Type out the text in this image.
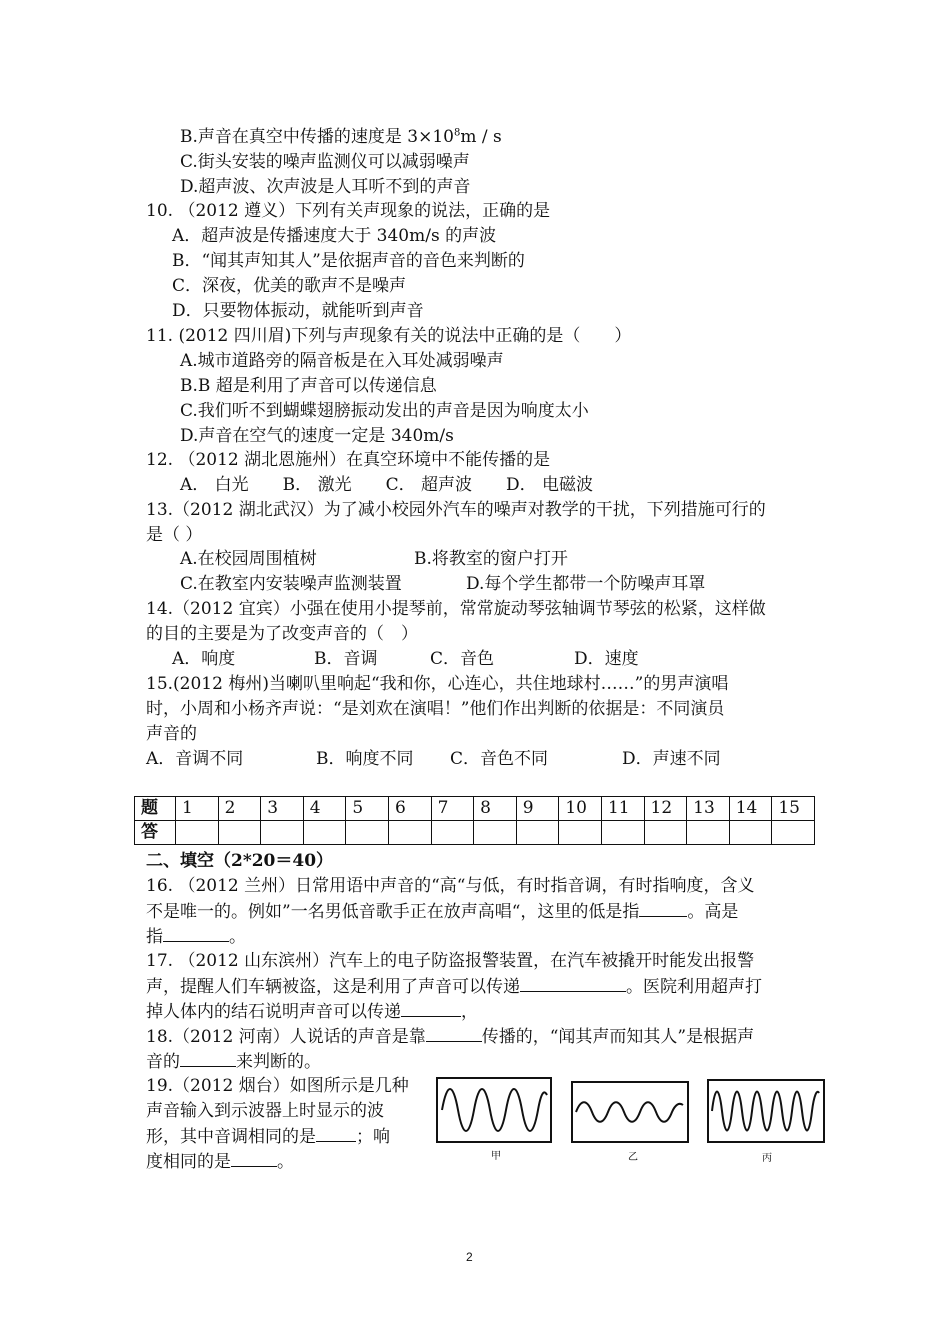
B.声音在真空中传播的速度是 $3\times 10^8m / s$
C.街头安装的噪声监测仪可以减弱噪声
D.超声波、次声波是人耳听不到的声音
10. （2012 遵义）下列有关声现象的说法，正确的是
A．超声波是传播速度大于 340m/s 的声波
B．“闻其声知其人”是依据声音的音色来判断的
C．深夜，优美的歌声不是噪声
D．只要物体振动，就能听到声音
11. (2012 四川眉)下列与声现象有关的说法中正确的是（　　）
A.城市道路旁的隔音板是在入耳处减弱噪声
B.B 超是利用了声音可以传递信息
C.我们听不到蝴蝶翅膀振动发出的声音是因为响度太小
D.声音在空气的速度一定是 340m/s
12. （2012 湖北恩施州）在真空环境中不能传播的是
A． 白光　　B． 激光　　C． 超声波　　D． 电磁波
13.（2012 湖北武汉）为了减小校园外汽车的噪声对教学的干扰，下列措施可行的
是（ ）
A.在校园周围植树	B.将教室的窗户打开
C.在教室内安装噪声监测装置	D.每个学生都带一个防噪声耳罩
14.（2012 宜宾）小强在使用小提琴前，常常旋动琴弦轴调节琴弦的松紧，这样做
的目的主要是为了改变声音的（　）
A．响度	B．音调	C．音色	D．速度
15.(2012 梅州)当喇叭里响起“我和你，心连心，共住地球村……”的男声演唱
时，小周和小杨齐声说：“是刘欢在演唱！”他们作出判断的依据是：不同演员
声音的
A．音调不同	B．响度不同 C．音色不同	D．声速不同
题	1	2	3	4	5	6	7	8	9	10	11	12	13	14	15
答															
二、填空（2*20＝40）
16. （2012 兰州）日常用语中声音的“高“与低，有时指音调，有时指响度，含义
不是唯一的。例如”一名男低音歌手正在放声高唱“，这里的低是指	。高是
指	。
17. （2012 山东滨州）汽车上的电子防盗报警装置，在汽车被撬开时能发出报警
声，提醒人们车辆被盗，这是利用了声音可以传递	。医院利用超声打
掉人体内的结石说明声音可以传递	，
18.（2012 河南）人说话的声音是靠	传播的，“闻其声而知其人”是根据声
音的	来判断的。
19.（2012 烟台）如图所示是几种
声音输入到示波器上时显示的波
形，其中音调相同的是 ；响
度相同的是	。	甲	乙	丙
2
